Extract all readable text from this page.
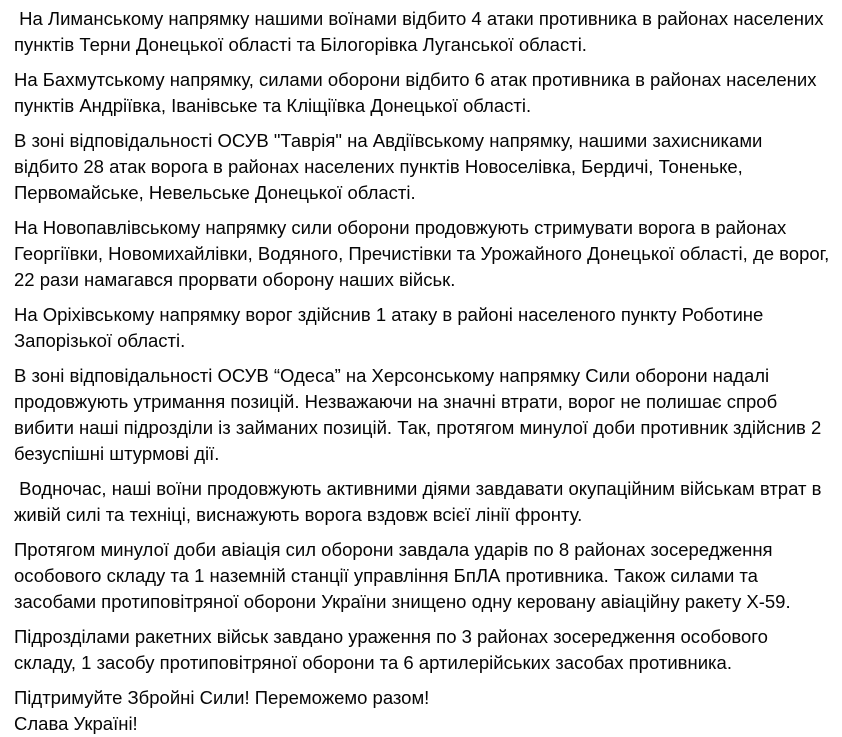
На Лиманському напрямку нашими воїнами відбито 4 атаки противника в районах населених пунктів Терни Донецької області та Білогорівка Луганської області.

На Бахмутському напрямку, силами оборони відбито 6 атак противника в районах населених пунктів Андріївка, Іванівське та Кліщіївка Донецької області.

В зоні відповідальності ОСУВ "Таврія" на Авдіївському напрямку, нашими захисниками відбито 28 атак ворога в районах населених пунктів Новоселівка, Бердичі, Тоненьке, Первомайське, Невельське Донецької області.

На Новопавлівському напрямку сили оборони продовжують стримувати ворога в районах Георгіївки, Новомихайлівки, Водяного, Пречистівки та Урожайного Донецької області, де ворог, 22 рази намагався прорвати оборону наших військ.

На Оріхівському напрямку ворог здійснив 1 атаку в районі населеного пункту Роботине Запорізької області.

В зоні відповідальності ОСУВ “Одеса” на Херсонському напрямку Сили оборони надалі продовжують утримання позицій. Незважаючи на значні втрати, ворог не полишає спроб вибити наші підрозділи із займаних позицій. Так, протягом минулої доби противник здійснив 2 безуспішні штурмові дії.

Водночас, наші воїни продовжують активними діями завдавати окупаційним військам втрат в живій силі та техніці, виснажують ворога вздовж всієї лінії фронту.

Протягом минулої доби авіація сил оборони завдала ударів по 8 районах зосередження особового складу та 1 наземній станції управління БпЛА противника. Також силами та засобами протиповітряної оборони України знищено одну керовану авіаційну ракету Х-59.

Підрозділами ракетних військ завдано ураження по 3 районах зосередження особового складу, 1 засобу протиповітряної оборони та 6 артилерійських засобах противника.

Підтримуйте Збройні Сили! Переможемо разом!

Слава Україні!
